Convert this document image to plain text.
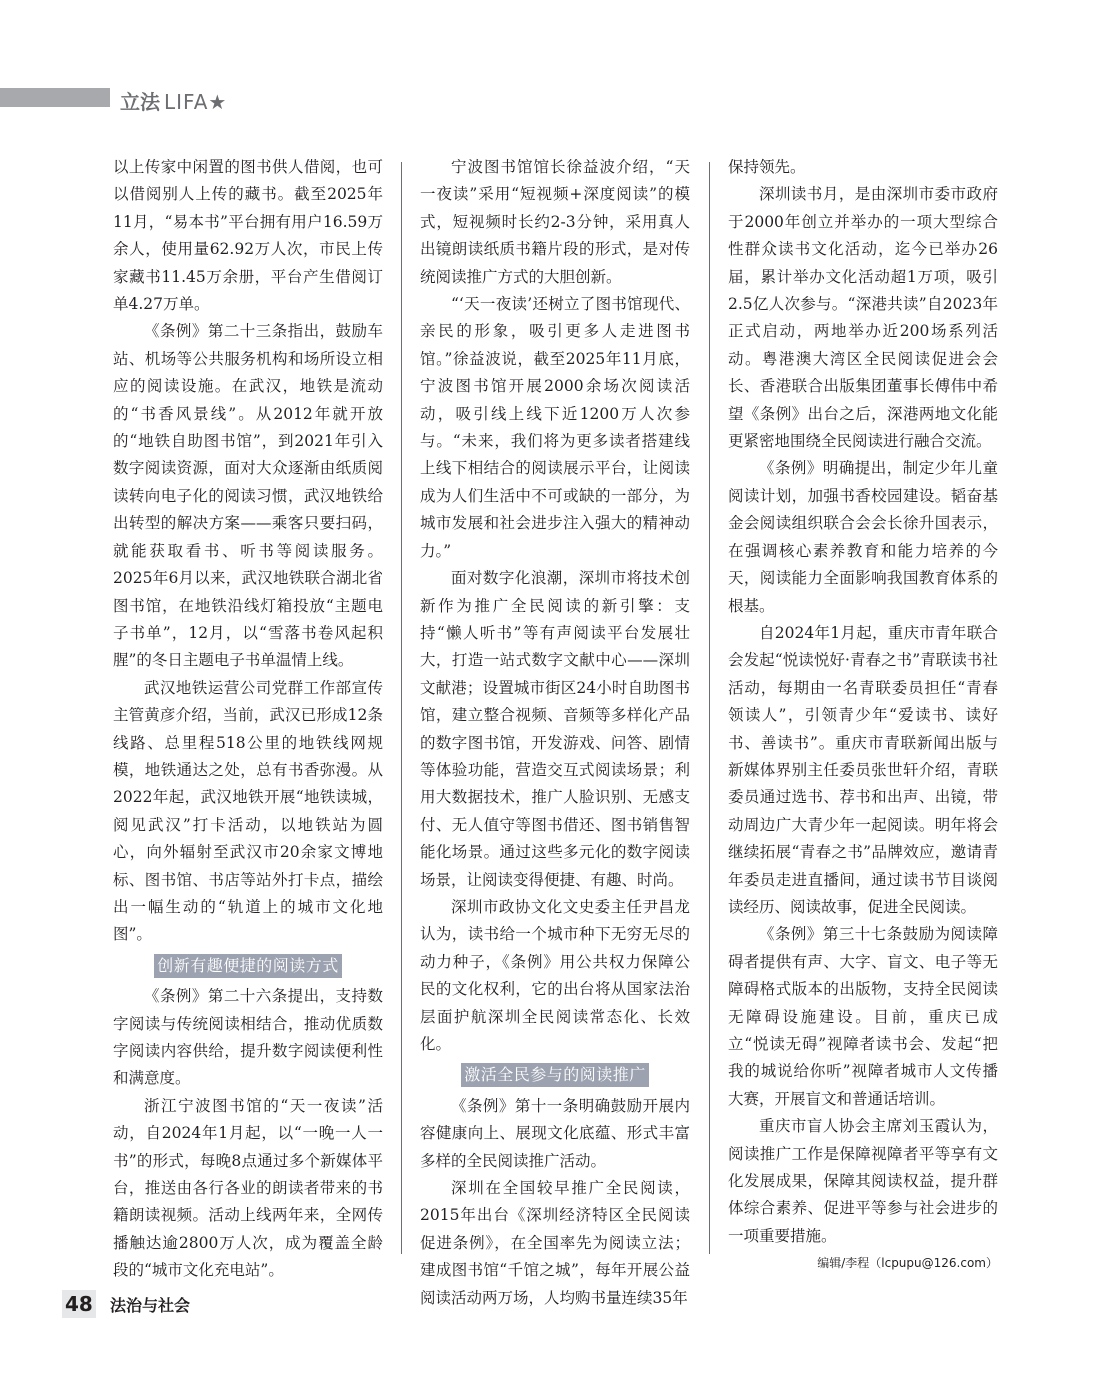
立法 LIFA★

以上传家中闲置的图书供人借阅，也可以借阅别人上传的藏书。截至2025年11月，“易本书”平台拥有用户16.59万余人，使用量62.92万人次，市民上传家藏书11.45万余册，平台产生借阅订单4.27万单。

《条例》第二十三条指出，鼓励车站、机场等公共服务机构和场所设立相应的阅读设施。在武汉，地铁是流动的“书香风景线”。从2012年就开放的“地铁自助图书馆”，到2021年引入数字阅读资源，面对大众逐渐由纸质阅读转向电子化的阅读习惯，武汉地铁给出转型的解决方案——乘客只要扫码，就能获取看书、听书等阅读服务。2025年6月以来，武汉地铁联合湖北省图书馆，在地铁沿线灯箱投放“主题电子书单”，12月，以“雪落书卷风起积腥”的冬日主题电子书单温情上线。

武汉地铁运营公司党群工作部宣传主管黄彦介绍，当前，武汉已形成12条线路、总里程518公里的地铁线网规模，地铁通达之处，总有书香弥漫。从2022年起，武汉地铁开展“地铁读城，阅见武汉”打卡活动，以地铁站为圆心，向外辐射至武汉市20余家文博地标、图书馆、书店等站外打卡点，描绘出一幅生动的“轨道上的城市文化地图”。

创新有趣便捷的阅读方式

《条例》第二十六条提出，支持数字阅读与传统阅读相结合，推动优质数字阅读内容供给，提升数字阅读便利性和满意度。

浙江宁波图书馆的“天一夜读”活动，自2024年1月起，以“一晚一人一书”的形式，每晚8点通过多个新媒体平台，推送由各行各业的朗读者带来的书籍朗读视频。活动上线两年来，全网传播触达逾2800万人次，成为覆盖全龄段的“城市文化充电站”。

宁波图书馆馆长徐益波介绍，“天一夜读”采用“短视频+深度阅读”的模式，短视频时长约2-3分钟，采用真人出镜朗读纸质书籍片段的形式，是对传统阅读推广方式的大胆创新。

“‘天一夜读’还树立了图书馆现代、亲民的形象，吸引更多人走进图书馆。”徐益波说，截至2025年11月底，宁波图书馆开展2000余场次阅读活动，吸引线上线下近1200万人次参与。“未来，我们将为更多读者搭建线上线下相结合的阅读展示平台，让阅读成为人们生活中不可或缺的一部分，为城市发展和社会进步注入强大的精神动力。”

面对数字化浪潮，深圳市将技术创新作为推广全民阅读的新引擎：支持“懒人听书”等有声阅读平台发展壮大，打造一站式数字文献中心——深圳文献港；设置城市街区24小时自助图书馆，建立整合视频、音频等多样化产品的数字图书馆，开发游戏、问答、剧情等体验功能，营造交互式阅读场景；利用大数据技术，推广人脸识别、无感支付、无人值守等图书借还、图书销售智能化场景。通过这些多元化的数字阅读场景，让阅读变得便捷、有趣、时尚。

深圳市政协文化文史委主任尹昌龙认为，读书给一个城市种下无穷无尽的动力种子，《条例》用公共权力保障公民的文化权利，它的出台将从国家法治层面护航深圳全民阅读常态化、长效化。

激活全民参与的阅读推广

《条例》第十一条明确鼓励开展内容健康向上、展现文化底蕴、形式丰富多样的全民阅读推广活动。

深圳在全国较早推广全民阅读，2015年出台《深圳经济特区全民阅读促进条例》，在全国率先为阅读立法；建成图书馆“千馆之城”，每年开展公益阅读活动两万场，人均购书量连续35年

保持领先。

深圳读书月，是由深圳市委市政府于2000年创立并举办的一项大型综合性群众读书文化活动，迄今已举办26届，累计举办文化活动超1万项，吸引2.5亿人次参与。“深港共读”自2023年正式启动，两地举办近200场系列活动。粤港澳大湾区全民阅读促进会会长、香港联合出版集团董事长傅伟中希望《条例》出台之后，深港两地文化能更紧密地围绕全民阅读进行融合交流。

《条例》明确提出，制定少年儿童阅读计划，加强书香校园建设。韬奋基金会阅读组织联合会会长徐升国表示，在强调核心素养教育和能力培养的今天，阅读能力全面影响我国教育体系的根基。

自2024年1月起，重庆市青年联合会发起“悦读悦好·青春之书”青联读书社活动，每期由一名青联委员担任“青春领读人”，引领青少年“爱读书、读好书、善读书”。重庆市青联新闻出版与新媒体界别主任委员张世轩介绍，青联委员通过选书、荐书和出声、出镜，带动周边广大青少年一起阅读。明年将会继续拓展“青春之书”品牌效应，邀请青年委员走进直播间，通过读书节目谈阅读经历、阅读故事，促进全民阅读。

《条例》第三十七条鼓励为阅读障碍者提供有声、大字、盲文、电子等无障碍格式版本的出版物，支持全民阅读无障碍设施建设。目前，重庆已成立“悦读无碍”视障者读书会、发起“把我的城说给你听”视障者城市人文传播大赛，开展盲文和普通话培训。

重庆市盲人协会主席刘玉霞认为，阅读推广工作是保障视障者平等享有文化发展成果，保障其阅读权益，提升群体综合素养、促进平等参与社会进步的一项重要措施。

编辑/李程（lcpupu@126.com）
48 法治与社会
